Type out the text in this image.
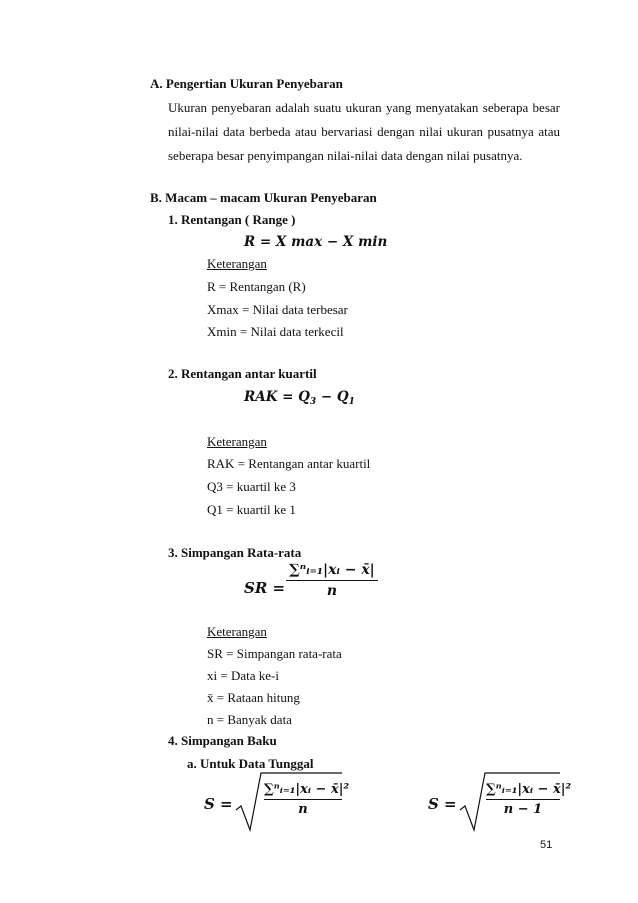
A. Pengertian Ukuran Penyebaran
Ukuran penyebaran adalah suatu ukuran yang menyatakan seberapa besar
nilai-nilai data berbeda atau bervariasi dengan nilai ukuran pusatnya atau
seberapa besar penyimpangan nilai-nilai data dengan nilai pusatnya.
B. Macam – macam Ukuran Penyebaran
1. Rentangan ( Range )
R = X max − X min
Keterangan
R = Rentangan (R)
Xmax = Nilai data terbesar
Xmin = Nilai data terkecil
2. Rentangan antar kuartil
RAK = $Q_3 - Q_1$
Keterangan
RAK = Rentangan antar kuartil
Q3 = kuartil ke 3
Q1 = kuartil ke 1
3. Simpangan Rata-rata
SR =
∑ⁿᵢ₌₁|xᵢ − x̄|
n
Keterangan
SR = Simpangan rata-rata
xi = Data ke-i
x̄ = Rataan hitung
n = Banyak data
4. Simpangan Baku
a. Untuk Data Tunggal
S =
∑ⁿᵢ₌₁|xᵢ − x̄|²
n	S =
∑ⁿᵢ₌₁|xᵢ − x̄|²
n − 1
51
